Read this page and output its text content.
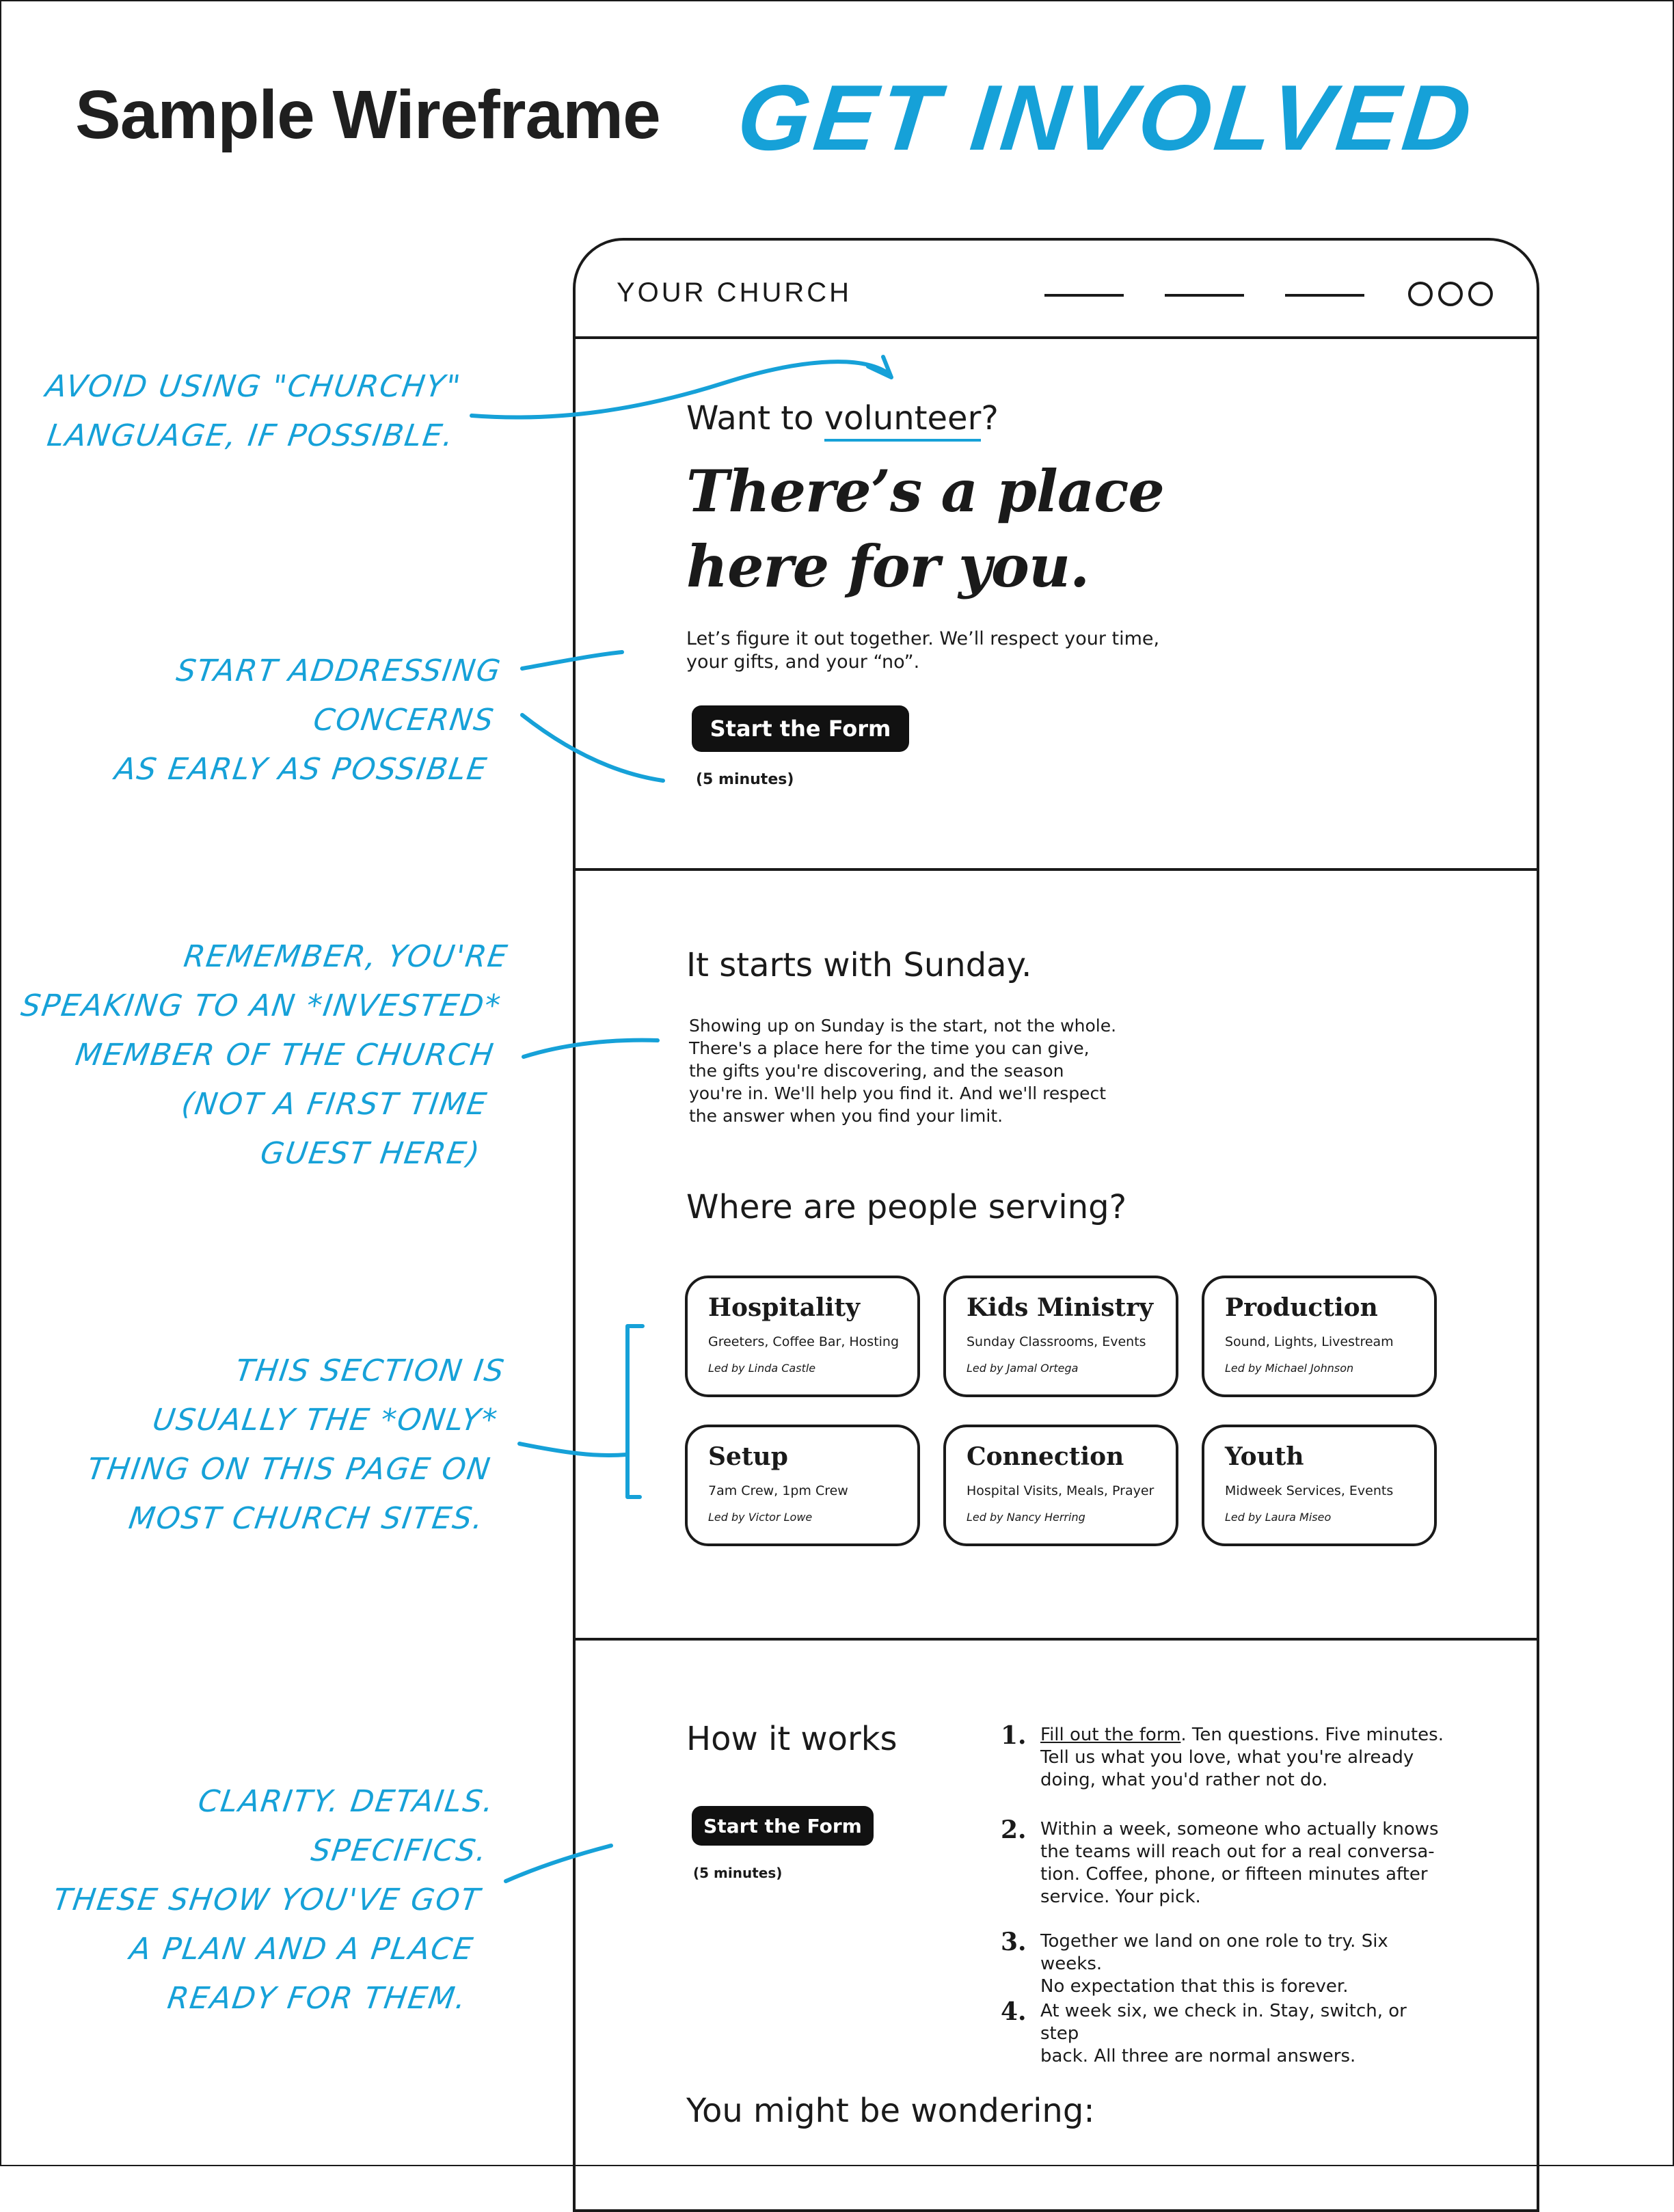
Sample Wireframe GET INVOLVED
YOUR CHURCH
Want to volunteer?
There’s a place
here for you.
Let’s figure it out together. We’ll respect your time,
your gifts, and your “no”.
Start the Form
(5 minutes)
It starts with Sunday.
Showing up on Sunday is the start, not the whole.
There's a place here for the time you can give,
the gifts you're discovering, and the season
you're in. We'll help you find it. And we'll respect
the answer when you find your limit.
Where are people serving?
Hospitality
Greeters, Coffee Bar, Hosting
Led by Linda Castle
Kids Ministry
Sunday Classrooms, Events
Led by Jamal Ortega
Production
Sound, Lights, Livestream
Led by Michael Johnson
Setup
7am Crew, 1pm Crew
Led by Victor Lowe
Connection
Hospital Visits, Meals, Prayer
Led by Nancy Herring
Youth
Midweek Services, Events
Led by Laura Miseo
How it works
Start the Form
(5 minutes)
1. Fill out the form. Ten questions. Five minutes.
Tell us what you love, what you're already
doing, what you'd rather not do.
2. Within a week, someone who actually knows
the teams will reach out for a real conversa-
tion. Coffee, phone, or fifteen minutes after
service. Your pick.
3. Together we land on one role to try. Six weeks.
No expectation that this is forever.
4. At week six, we check in. Stay, switch, or step
back. All three are normal answers.
You might be wondering:
AVOID USING "CHURCHY"
LANGUAGE, IF POSSIBLE.
START ADDRESSING CONCERNS
AS EARLY AS POSSIBLE
REMEMBER, YOU'RE
SPEAKING TO AN *INVESTED*
MEMBER OF THE CHURCH
(NOT A FIRST TIME
GUEST HERE)
THIS SECTION IS
USUALLY THE *ONLY*
THING ON THIS PAGE ON
MOST CHURCH SITES.
CLARITY. DETAILS. SPECIFICS.
THESE SHOW YOU'VE GOT
A PLAN AND A PLACE
READY FOR THEM.
